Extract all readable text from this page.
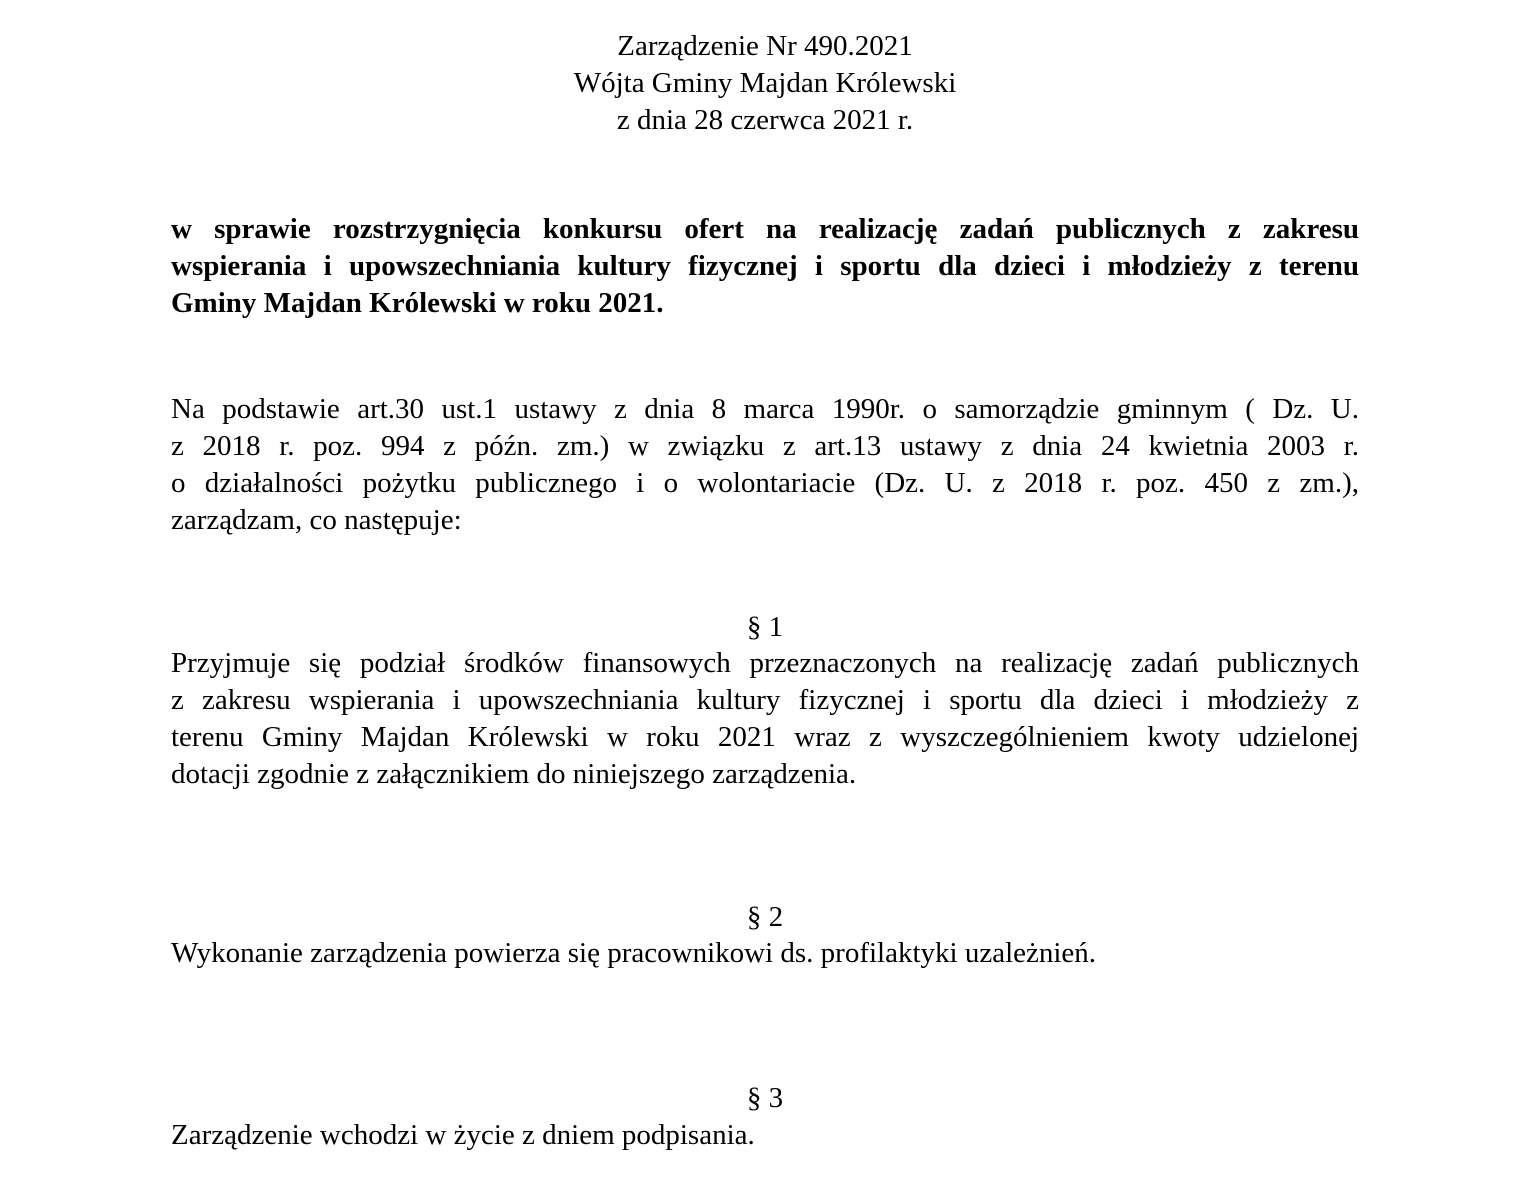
Zarządzenie Nr 490.2021
Wójta Gminy Majdan Królewski
z dnia 28 czerwca 2021 r.
w sprawie rozstrzygnięcia konkursu ofert na realizację zadań publicznych z zakresu
wspierania i upowszechniania kultury fizycznej i sportu dla dzieci i młodzieży z terenu
Gminy Majdan Królewski w roku 2021.
Na podstawie art.30 ust.1 ustawy z dnia 8 marca 1990r. o samorządzie gminnym ( Dz. U.
z 2018 r. poz. 994 z późn. zm.) w związku z art.13 ustawy z dnia 24 kwietnia 2003 r.
o działalności pożytku publicznego i o wolontariacie (Dz. U. z 2018 r. poz. 450 z zm.),
zarządzam, co następuje:
§ 1
Przyjmuje się podział środków finansowych przeznaczonych na realizację zadań publicznych
z zakresu wspierania i upowszechniania kultury fizycznej i sportu dla dzieci i młodzieży z
terenu Gminy Majdan Królewski w roku 2021 wraz z wyszczególnieniem kwoty udzielonej
dotacji zgodnie z załącznikiem do niniejszego zarządzenia.
§ 2
Wykonanie zarządzenia powierza się pracownikowi ds. profilaktyki uzależnień.
§ 3
Zarządzenie wchodzi w życie z dniem podpisania.
